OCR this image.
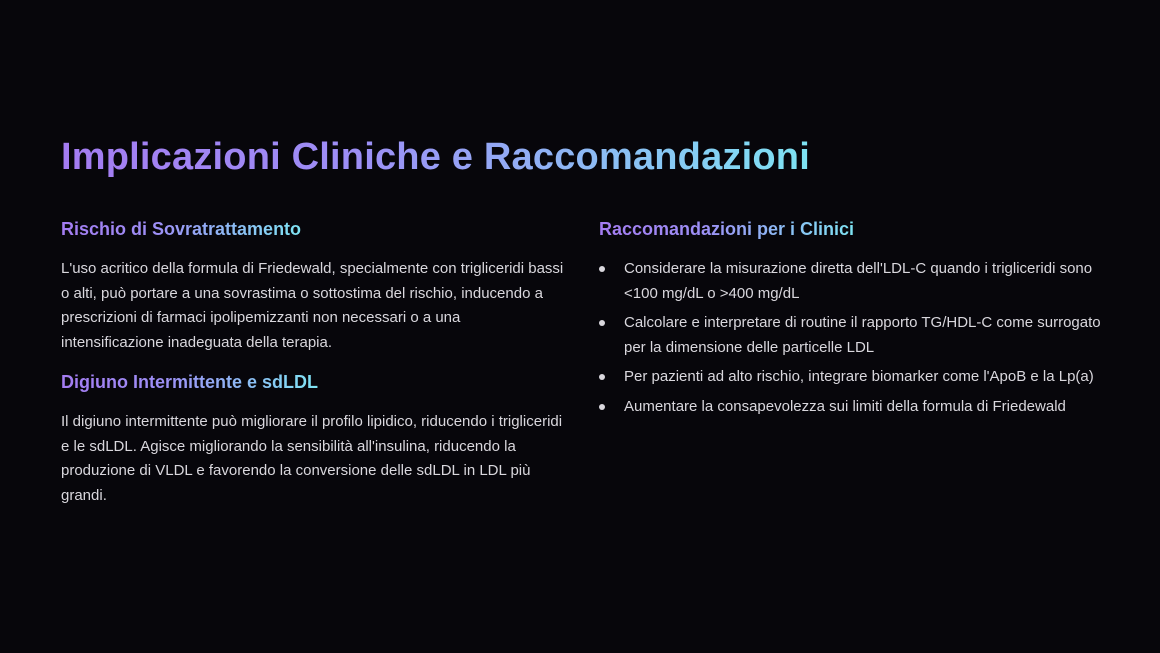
Implicazioni Cliniche e Raccomandazioni
Rischio di Sovratrattamento

L'uso acritico della formula di Friedewald, specialmente con trigliceridi bassi o alti, può portare a una sovrastima o sottostima del rischio, inducendo a prescrizioni di farmaci ipolipemizzanti non necessari o a una intensificazione inadeguata della terapia.

Digiuno Intermittente e sdLDL

Il digiuno intermittente può migliorare il profilo lipidico, riducendo i trigliceridi e le sdLDL. Agisce migliorando la sensibilità all'insulina, riducendo la produzione di VLDL e favorendo la conversione delle sdLDL in LDL più grandi.

Raccomandazioni per i Clinici
Considerare la misurazione diretta dell'LDL-C quando i trigliceridi sono <100 mg/dL o >400 mg/dL
Calcolare e interpretare di routine il rapporto TG/HDL-C come surrogato per la dimensione delle particelle LDL
Per pazienti ad alto rischio, integrare biomarker come l'ApoB e la Lp(a)
Aumentare la consapevolezza sui limiti della formula di Friedewald
